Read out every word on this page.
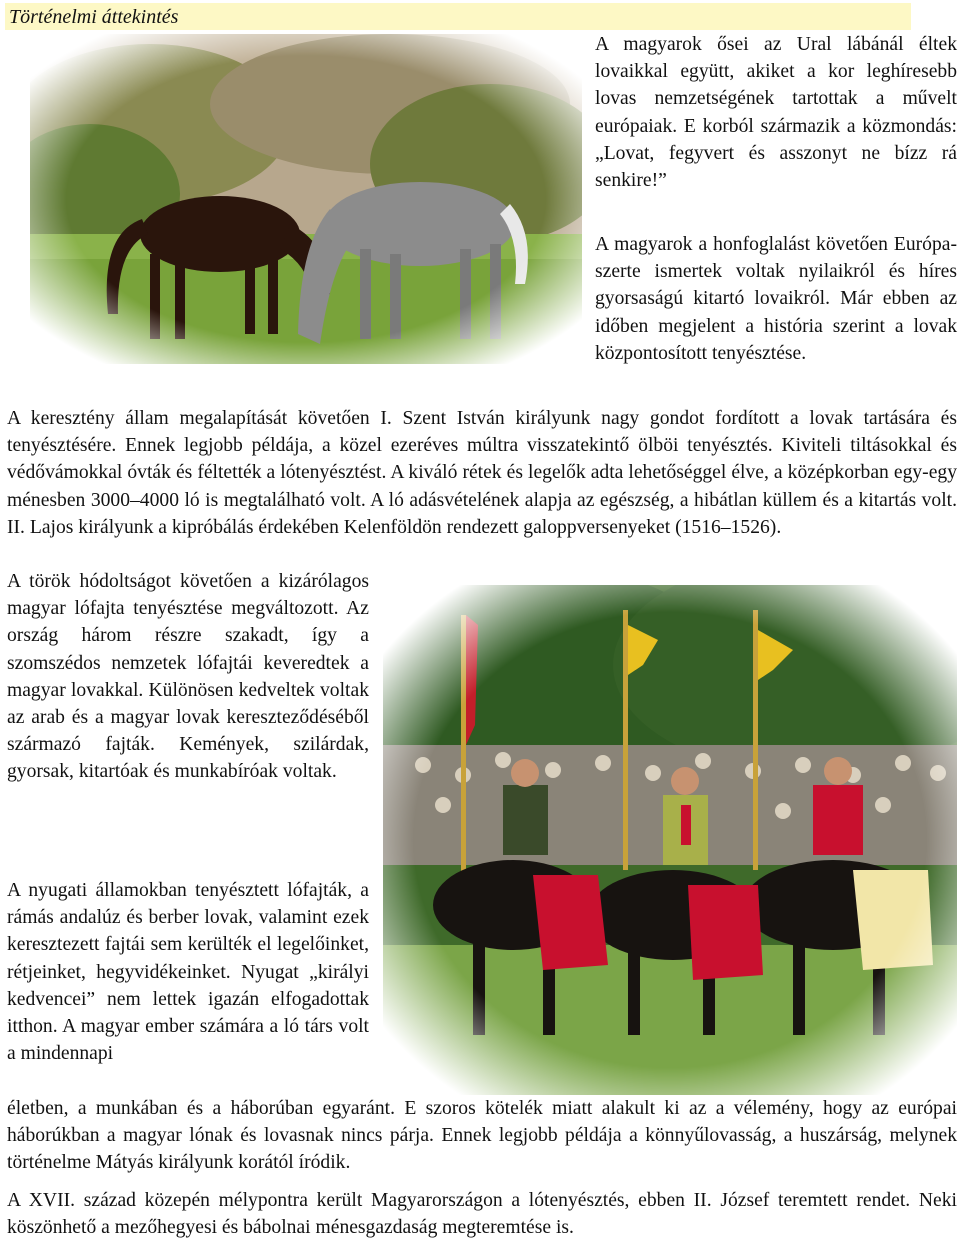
Történelmi áttekintés

A magyarok ősei az Ural lábánál éltek lovaikkal együtt, akiket a kor leghíresebb lovas nemzetségének tartottak a művelt európaiak. E korból származik a közmondás: „Lovat, fegyvert és asszonyt ne bízz rá senkire!”

A magyarok a honfoglalást követően Európa-szerte ismertek voltak nyilaikról és híres gyorsaságú kitartó lovaikról. Már ebben az időben megjelent a história szerint a lovak központosított tenyésztése.

A keresztény állam megalapítását követően I. Szent István királyunk nagy gondot fordított a lovak tartására és tenyésztésére. Ennek legjobb példája, a közel ezeréves múltra visszatekintő ölböi tenyésztés. Kiviteli tiltásokkal és védővámokkal óvták és féltették a lótenyésztést. A kiváló rétek és legelők adta lehetőséggel élve, a középkorban egy-egy ménesben 3000–4000 ló is megtalálható volt. A ló adásvételének alapja az egészség, a hibátlan küllem és a kitartás volt. II. Lajos királyunk a kipróbálás érdekében Kelenföldön rendezett galoppversenyeket (1516–1526).

A török hódoltságot követően a kizárólagos magyar lófajta tenyésztése megváltozott. Az ország három részre szakadt, így a szomszédos nemzetek lófajtái keveredtek a magyar lovakkal. Különösen kedveltek voltak az arab és a magyar lovak kereszteződéséből származó fajták. Kemények, szilárdak, gyorsak, kitartóak és munkabíróak voltak.

A nyugati államokban tenyésztett lófajták, a rámás andalúz és berber lovak, valamint ezek keresztezett fajtái sem kerülték el legelőinket, rétjeinket, hegyvidékeinket. Nyugat „királyi kedvencei” nem lettek igazán elfogadottak itthon. A magyar ember számára a ló társ volt a mindennapi

életben, a munkában és a háborúban egyaránt. E szoros kötelék miatt alakult ki az a vélemény, hogy az európai háborúkban a magyar lónak és lovasnak nincs párja. Ennek legjobb példája a könnyűlovasság, a huszárság, melynek történelme Mátyás királyunk korától íródik.

A XVII. század közepén mélypontra került Magyarországon a lótenyésztés, ebben II. József teremtett rendet. Neki köszönhető a mezőhegyesi és bábolnai ménesgazdaság megteremtése is.
